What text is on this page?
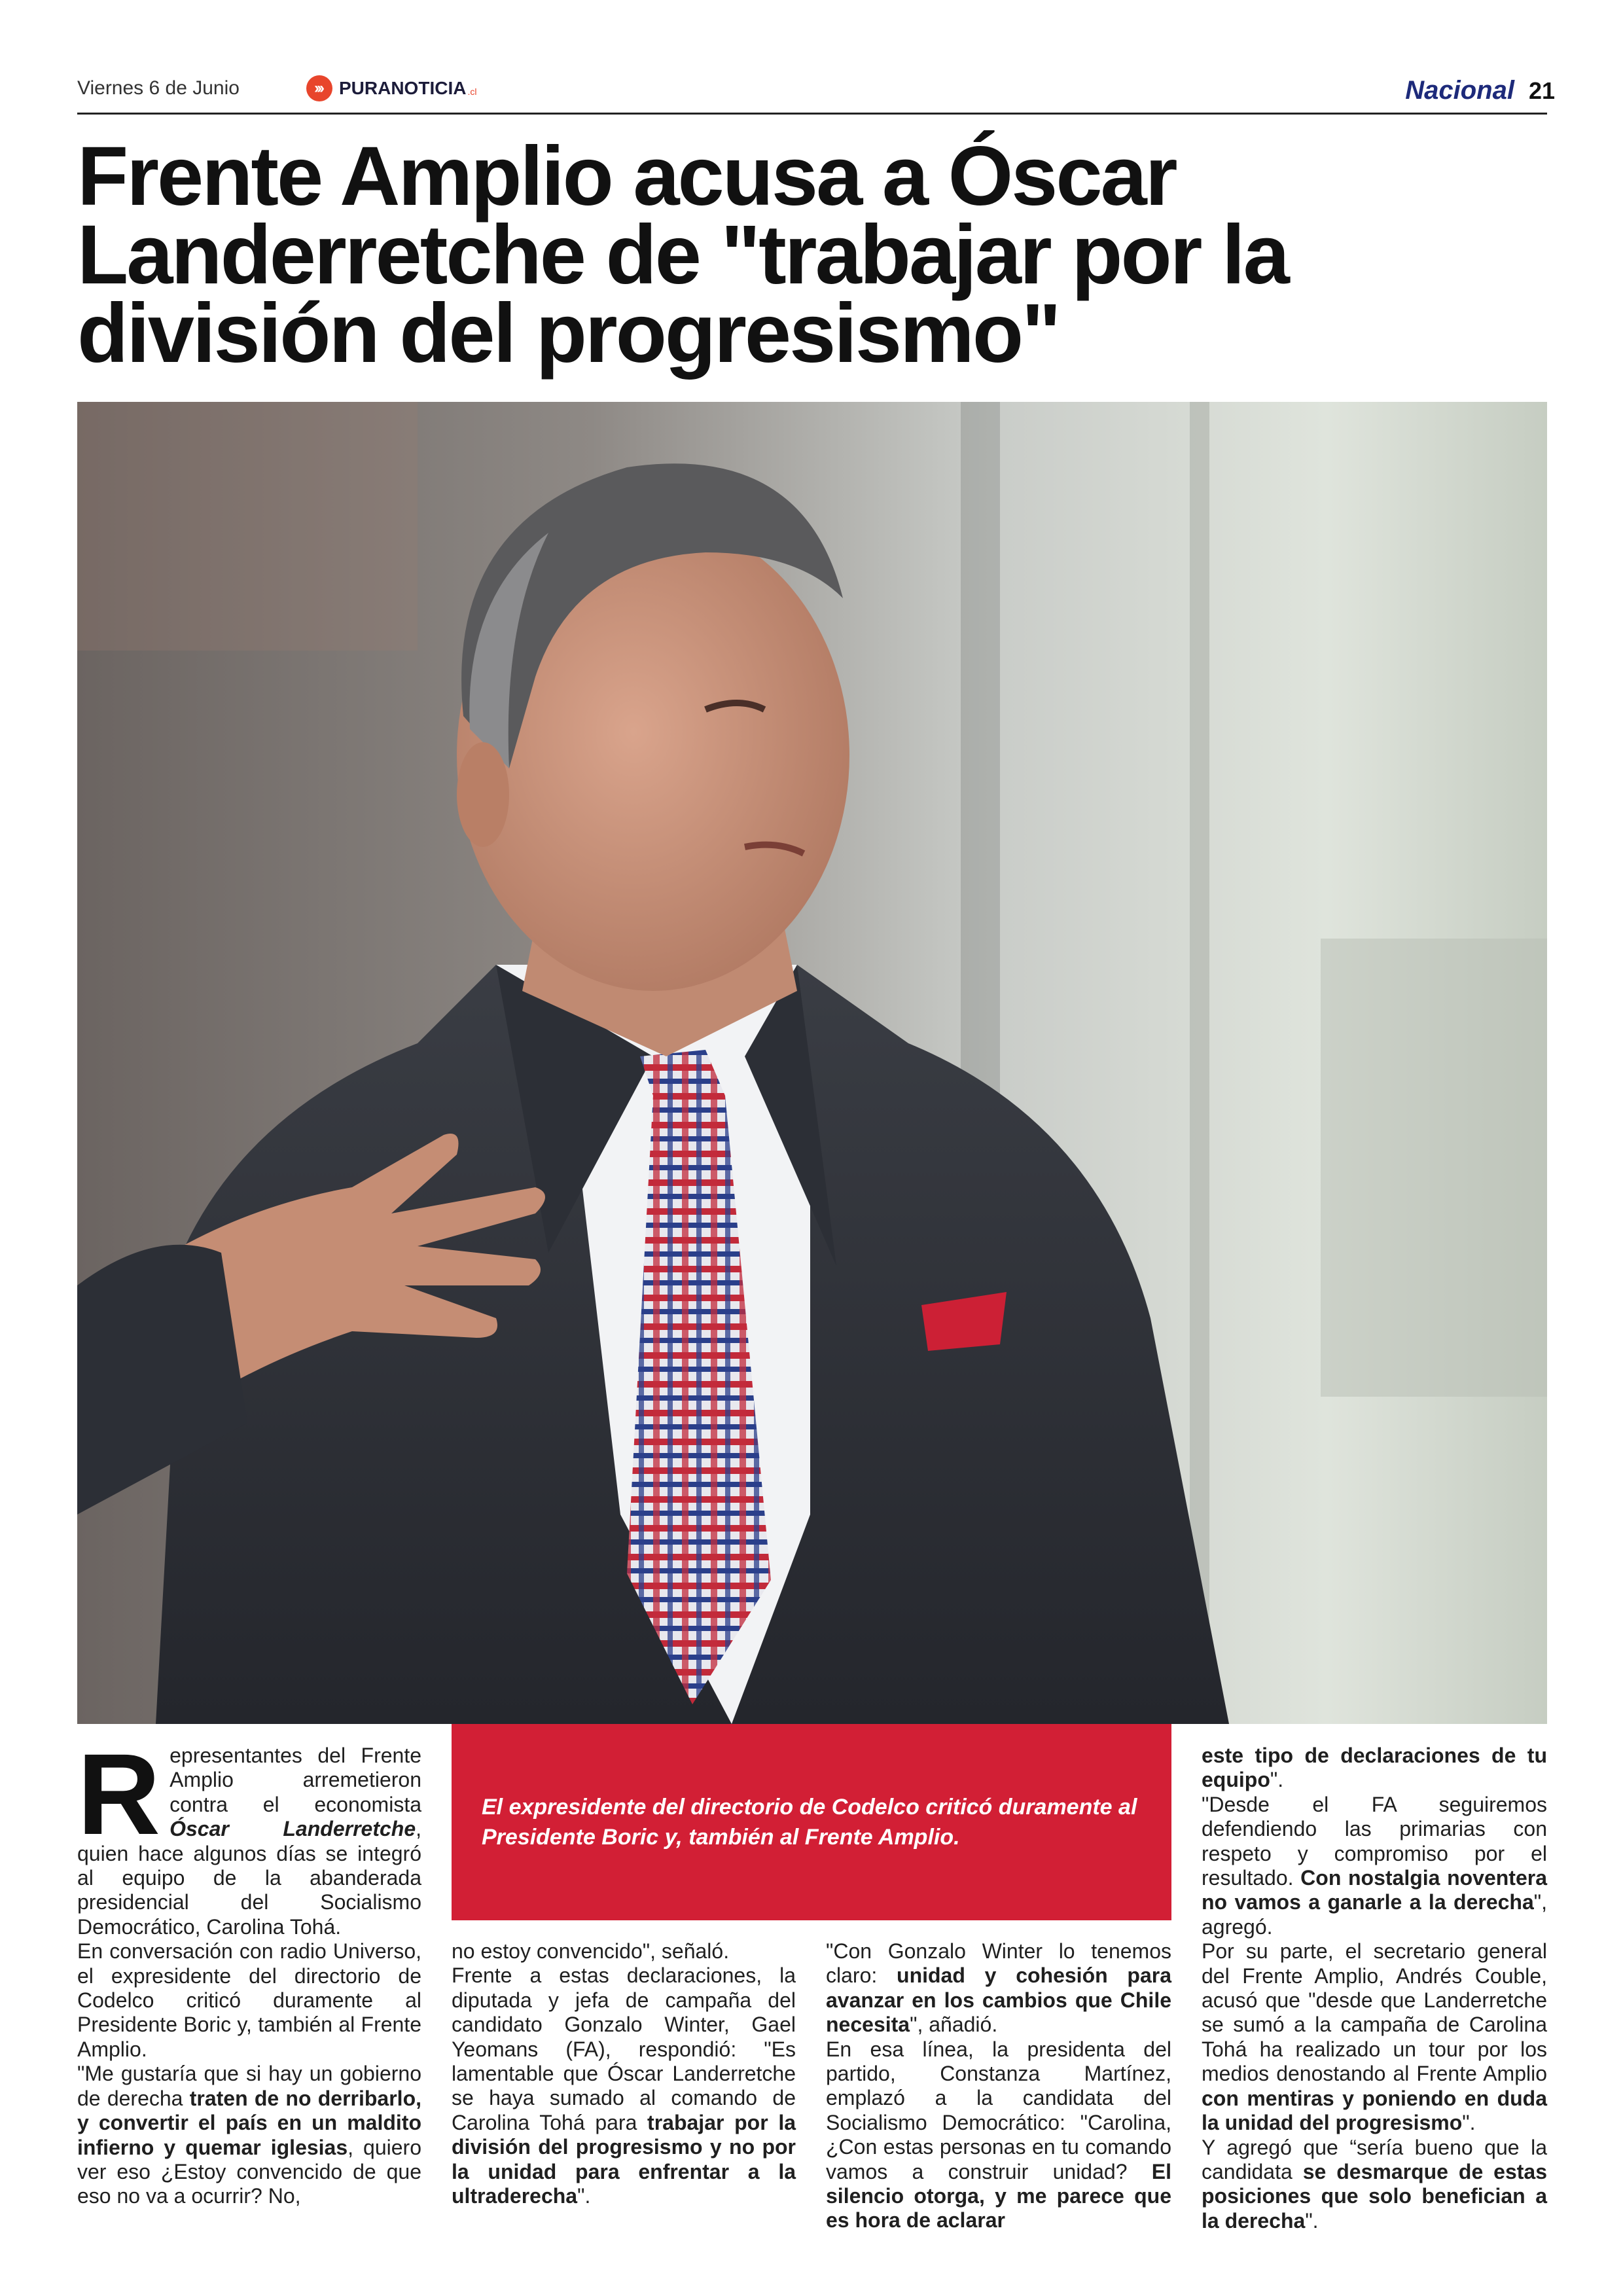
Viernes 6 de Junio	››› PURANOTICIA .cl	Nacional 21
Frente Amplio acusa a Óscar Landerretche de "trabajar por la división del progresismo"
El expresidente del directorio de Codelco criticó duramente al Presidente Boric y, también al Frente Amplio.

Representantes del Frente Amplio arremetieron contra el economista Óscar Landerretche, quien hace algunos días se integró al equipo de la abanderada presidencial del Socialismo Democrático, Carolina Tohá.

En conversación con radio Universo, el expresidente del directorio de Codelco criticó duramente al Presidente Boric y, también al Frente Amplio.

"Me gustaría que si hay un gobierno de derecha traten de no derribarlo, y convertir el país en un maldito infierno y quemar iglesias, quiero ver eso ¿Estoy convencido de que eso no va a ocurrir? No,

no estoy convencido", señaló.

Frente a estas declaraciones, la diputada y jefa de campaña del candidato Gonzalo Winter, Gael Yeomans (FA), respondió: "Es lamentable que Óscar Landerretche se haya sumado al comando de Carolina Tohá para trabajar por la división del progresismo y no por la unidad para enfrentar a la ultraderecha".

"Con Gonzalo Winter lo tenemos claro: unidad y cohesión para avanzar en los cambios que Chile necesita", añadió.

En esa línea, la presidenta del partido, Constanza Martínez, emplazó a la candidata del Socialismo Democrático: "Carolina, ¿Con estas personas en tu comando vamos a construir unidad? El silencio otorga, y me parece que es hora de aclarar

este tipo de declaraciones de tu equipo".

"Desde el FA seguiremos defendiendo las primarias con respeto y compromiso por el resultado. Con nostalgia noventera no vamos a ganarle a la derecha", agregó.

Por su parte, el secretario general del Frente Amplio, Andrés Couble, acusó que "desde que Landerretche se sumó a la campaña de Carolina Tohá ha realizado un tour por los medios denostando al Frente Amplio con mentiras y poniendo en duda la unidad del progresismo".

Y agregó que “sería bueno que la candidata se desmarque de estas posiciones que solo benefician a la derecha".
